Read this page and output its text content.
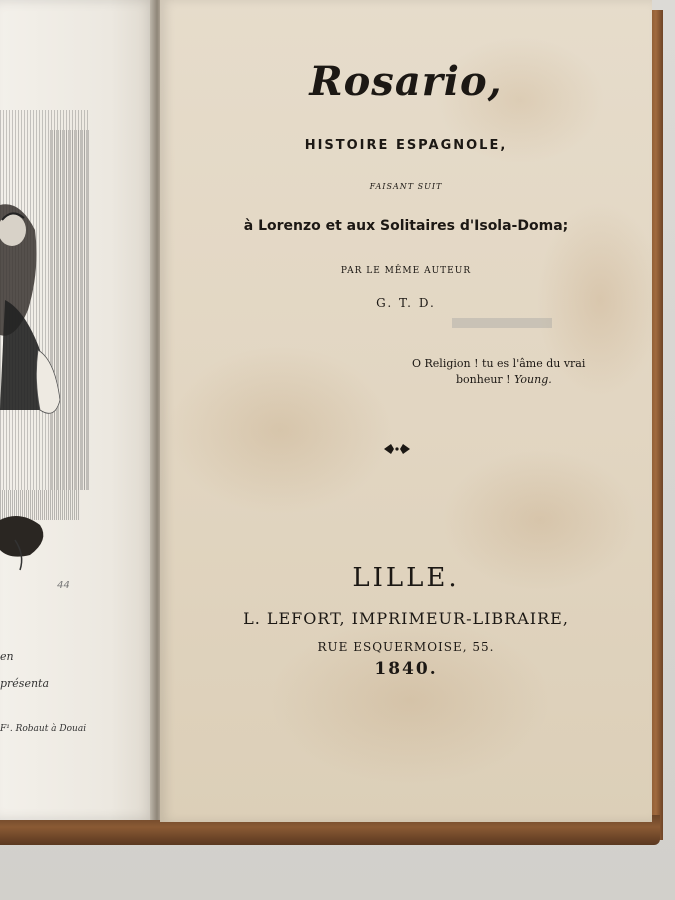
44
en
présenta
F¹. Robaut à Douai
Rosario,
HISTOIRE ESPAGNOLE,
FAISANT SUIT
à Lorenzo et aux Solitaires d'Isola-Doma;
PAR LE MÊME AUTEUR
G. T. D.
O Religion ! tu es l'âme du vrai
bonheur ! Young.
LILLE.
L. LEFORT, IMPRIMEUR-LIBRAIRE,
RUE ESQUERMOISE, 55.
1840.
